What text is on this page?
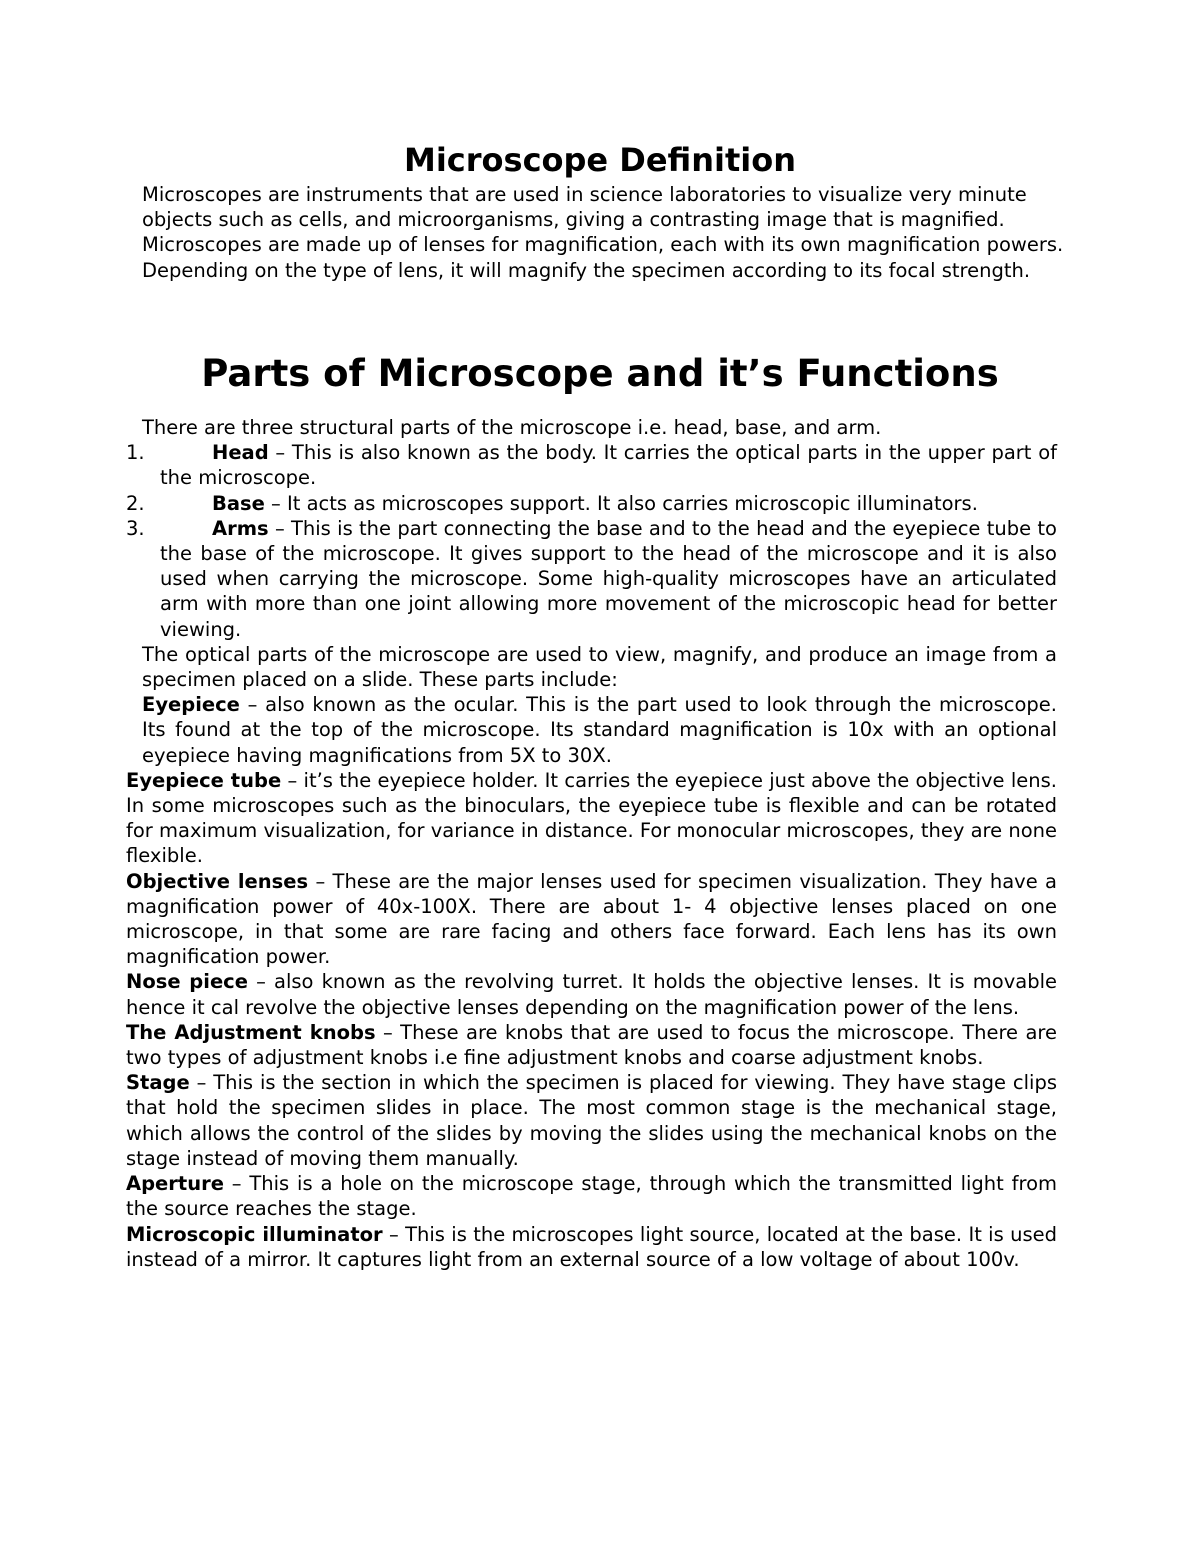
Microscope Definition

Microscopes are instruments that are used in science laboratories to visualize very minute objects such as cells, and microorganisms, giving a contrasting image that is magnified. Microscopes are made up of lenses for magnification, each with its own magnification powers. Depending on the type of lens, it will magnify the specimen according to its focal strength.

Parts of Microscope and it’s Functions

There are three structural parts of the microscope i.e. head, base, and arm.

1.	Head – This is also known as the body. It carries the optical parts in the upper part of the microscope.
2.	Base – It acts as microscopes support. It also carries microscopic illuminators.
3.	Arms – This is the part connecting the base and to the head and the eyepiece tube to the base of the microscope. It gives support to the head of the microscope and it is also used when carrying the microscope. Some high-quality microscopes have an articulated arm with more than one joint allowing more movement of the microscopic head for better viewing.

The optical parts of the microscope are used to view, magnify, and produce an image from a specimen placed on a slide. These parts include:

Eyepiece – also known as the ocular. This is the part used to look through the microscope. Its found at the top of the microscope. Its standard magnification is 10x with an optional eyepiece having magnifications from 5X to 30X.

Eyepiece tube – it’s the eyepiece holder. It carries the eyepiece just above the objective lens. In some microscopes such as the binoculars, the eyepiece tube is flexible and can be rotated for maximum visualization, for variance in distance. For monocular microscopes, they are none flexible.

Objective lenses – These are the major lenses used for specimen visualization. They have a magnification power of 40x-100X. There are about 1- 4 objective lenses placed on one microscope, in that some are rare facing and others face forward. Each lens has its own magnification power.

Nose piece – also known as the revolving turret. It holds the objective lenses. It is movable hence it cal revolve the objective lenses depending on the magnification power of the lens.

The Adjustment knobs – These are knobs that are used to focus the microscope. There are two types of adjustment knobs i.e fine adjustment knobs and coarse adjustment knobs.

Stage – This is the section in which the specimen is placed for viewing. They have stage clips that hold the specimen slides in place. The most common stage is the mechanical stage, which allows the control of the slides by moving the slides using the mechanical knobs on the stage instead of moving them manually.

Aperture – This is a hole on the microscope stage, through which the transmitted light from the source reaches the stage.

Microscopic illuminator – This is the microscopes light source, located at the base. It is used instead of a mirror. It captures light from an external source of a low voltage of about 100v.
